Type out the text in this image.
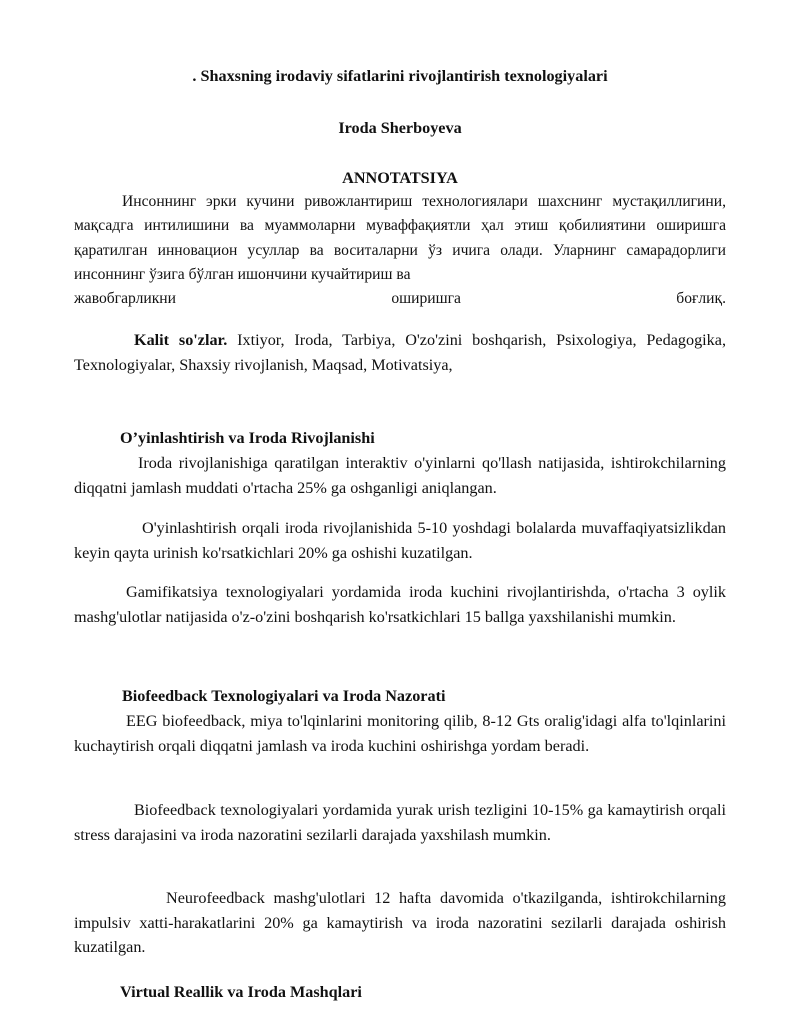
. Shaxsning irodaviy sifatlarini rivojlantirish texnologiyalari
Iroda Sherboyeva
ANNOTATSIYA
Инсоннинг эрки кучини ривожлантириш технологиялари шахснинг мустақиллигини, мақсадга интилишини ва муаммоларни муваффақиятли ҳал этиш қобилиятини оширишга қаратилган инновацион усуллар ва воситаларни ўз ичига олади. Уларнинг самарадорлиги инсоннинг ўзига бўлган ишончини кучайтириш ва
жавобгарликни	оширишга	боғлиқ.
Kalit so'zlar. Ixtiyor, Iroda, Tarbiya, O'zo'zini boshqarish, Psixologiya, Pedagogika, Texnologiyalar, Shaxsiy rivojlanish, Maqsad, Motivatsiya,
O’yinlashtirish va Iroda Rivojlanishi
Iroda rivojlanishiga qaratilgan interaktiv o'yinlarni qo'llash natijasida, ishtirokchilarning diqqatni jamlash muddati o'rtacha 25% ga oshganligi aniqlangan.
O'yinlashtirish orqali iroda rivojlanishida 5-10 yoshdagi bolalarda muvaffaqiyatsizlikdan keyin qayta urinish ko'rsatkichlari 20% ga oshishi kuzatilgan.
Gamifikatsiya texnologiyalari yordamida iroda kuchini rivojlantirishda, o'rtacha 3 oylik mashg'ulotlar natijasida o'z-o'zini boshqarish ko'rsatkichlari 15 ballga yaxshilanishi mumkin.
Biofeedback Texnologiyalari va Iroda Nazorati
EEG biofeedback, miya to'lqinlarini monitoring qilib, 8-12 Gts oralig'idagi alfa to'lqinlarini kuchaytirish orqali diqqatni jamlash va iroda kuchini oshirishga yordam beradi.
Biofeedback texnologiyalari yordamida yurak urish tezligini 10-15% ga kamaytirish orqali stress darajasini va iroda nazoratini sezilarli darajada yaxshilash mumkin.
Neurofeedback mashg'ulotlari 12 hafta davomida o'tkazilganda, ishtirokchilarning impulsiv xatti-harakatlarini 20% ga kamaytirish va iroda nazoratini sezilarli darajada oshirish kuzatilgan.
Virtual Reallik va Iroda Mashqlari
